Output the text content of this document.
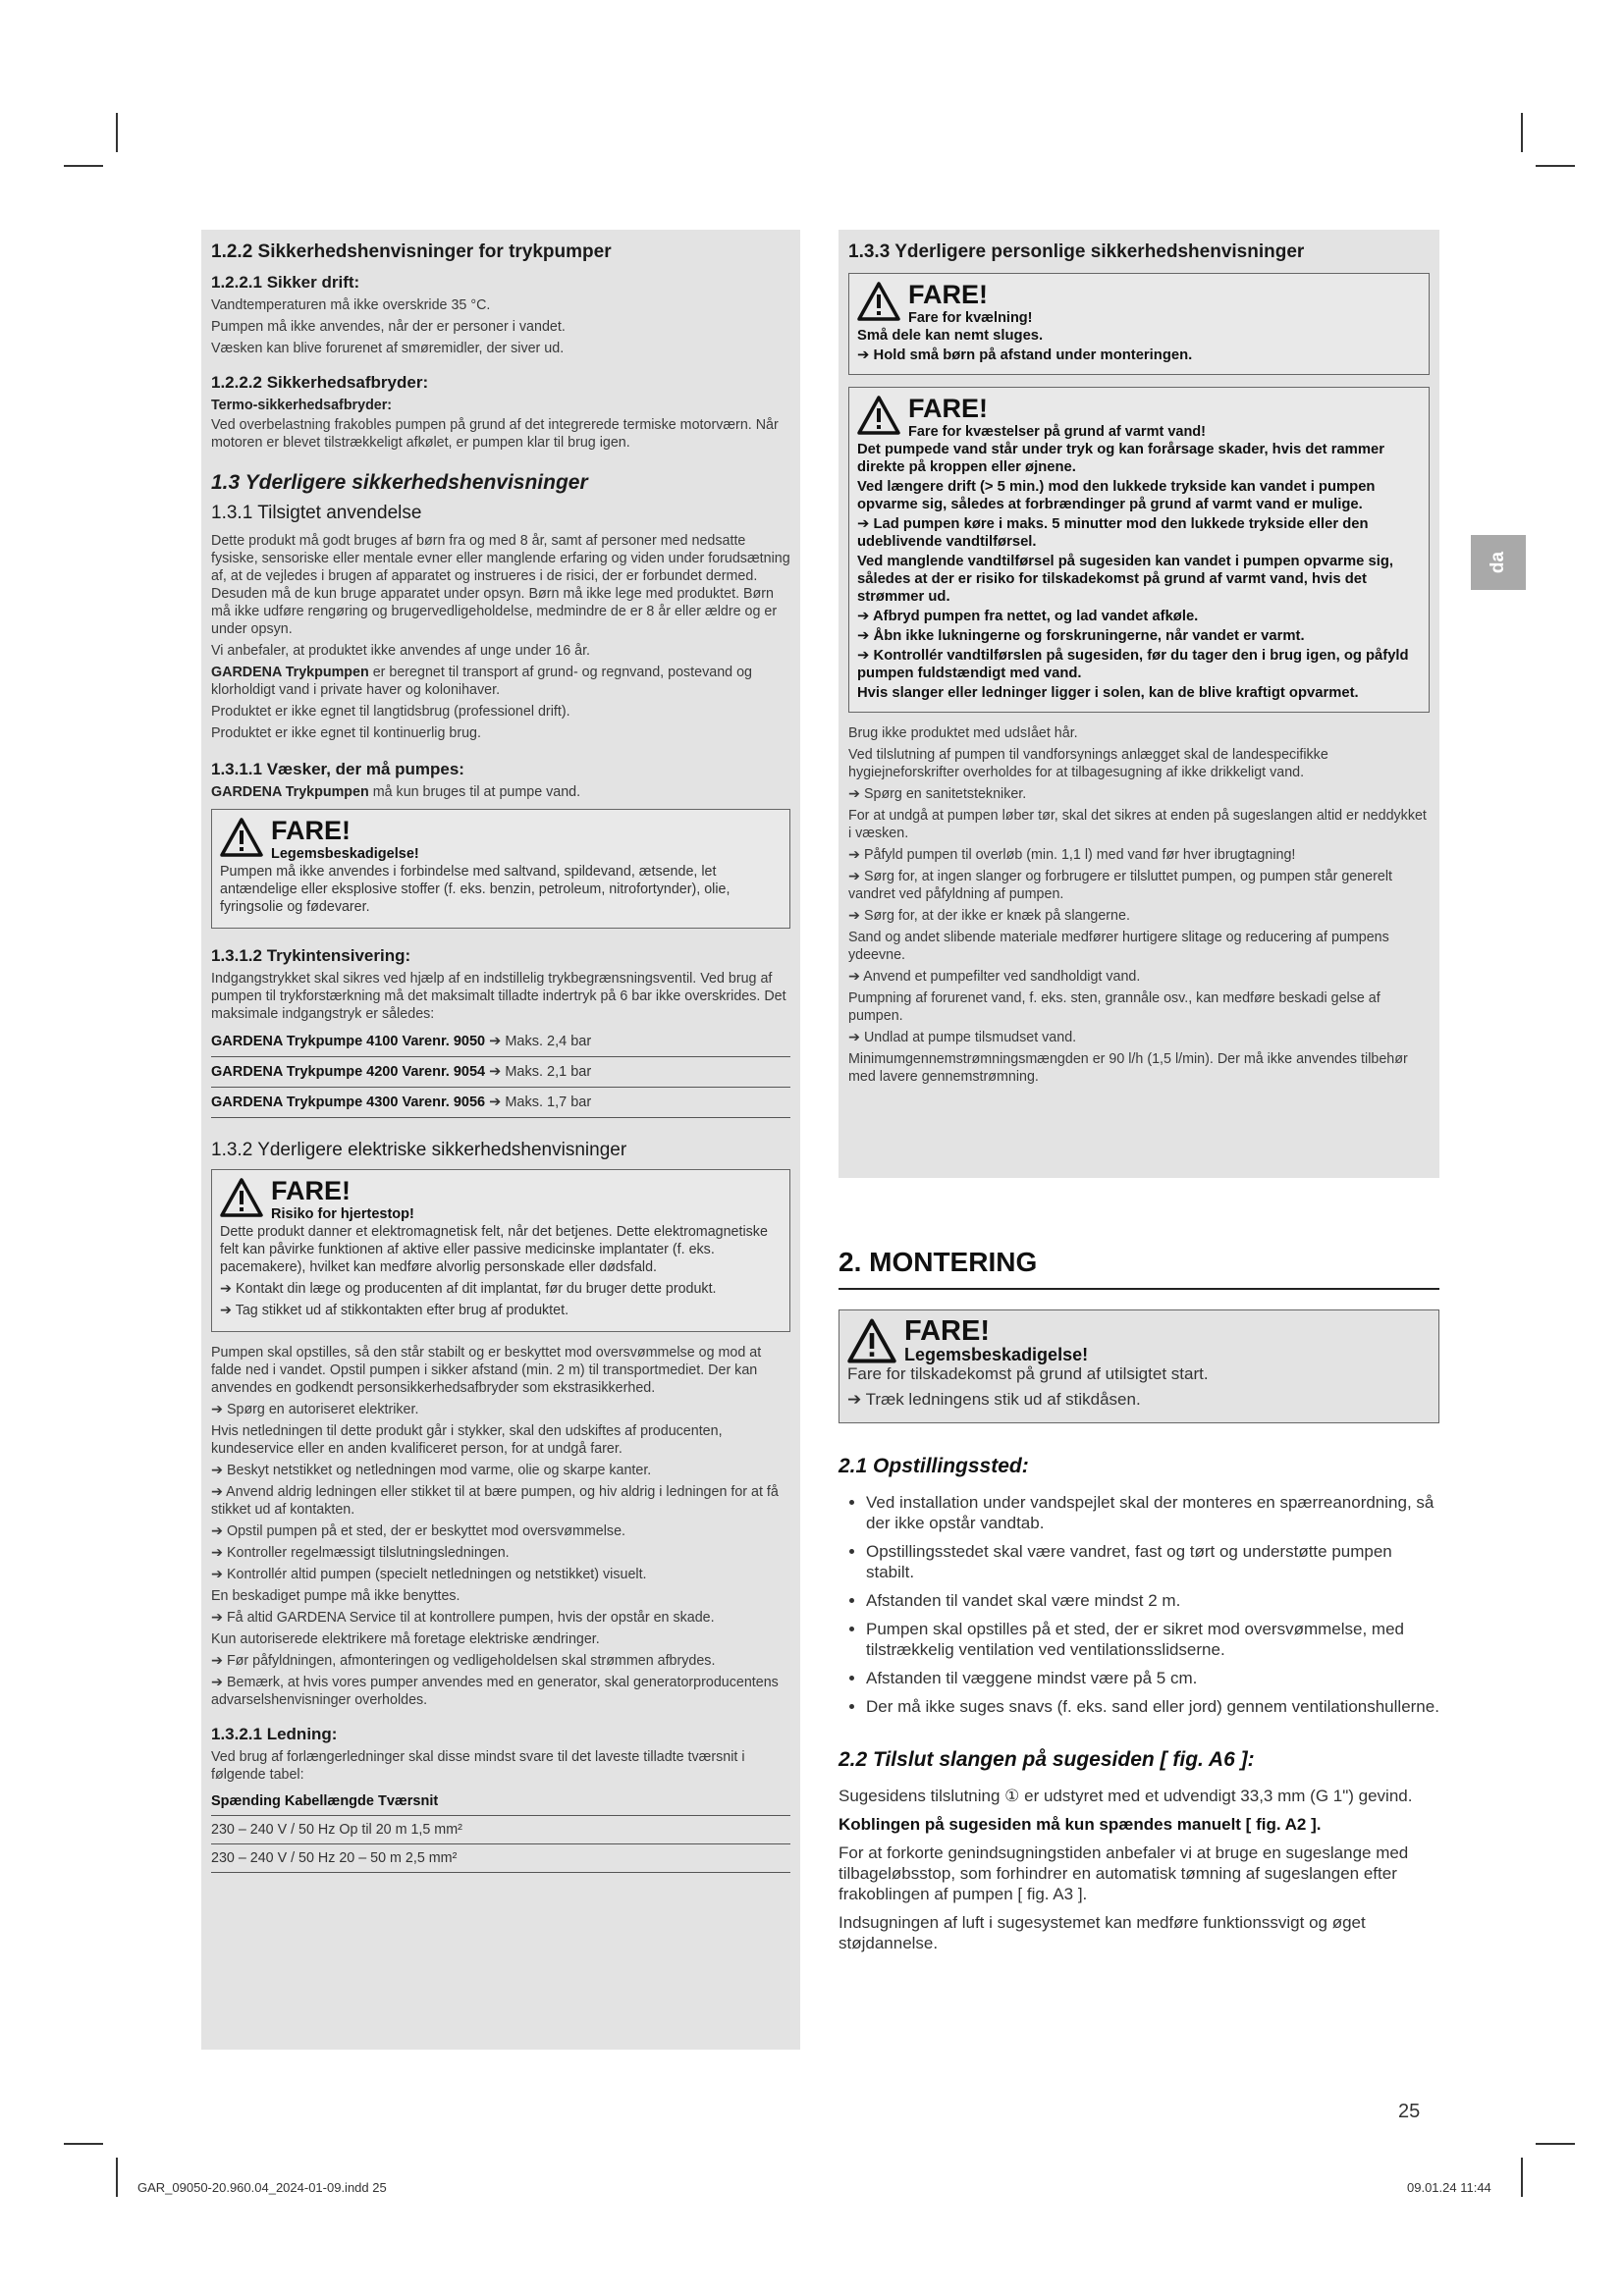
1.2.2 Sikkerhedshenvisninger for trykpumper
1.2.2.1 Sikker drift:

Vandtemperaturen må ikke overskride 35 °C.

Pumpen må ikke anvendes, når der er personer i vandet.

Væsken kan blive forurenet af smøremidler, der siver ud.

1.2.2.2 Sikkerhedsafbryder:

Termo-sikkerhedsafbryder:

Ved overbelastning frakobles pumpen på grund af det integrerede termiske motorværn. Når motoren er blevet tilstrækkeligt afkølet, er pumpen klar til brug igen.

1.3 Yderligere sikkerhedshenvisninger
1.3.1 Tilsigtet anvendelse

Dette produkt må godt bruges af børn fra og med 8 år, samt af personer med nedsatte fysiske, sensoriske eller mentale evner eller manglende erfaring og viden under forudsætning af, at de vejledes i brugen af apparatet og instrueres i de risici, der er forbundet dermed. Desuden må de kun bruge apparatet under opsyn. Børn må ikke lege med produktet. Børn må ikke udføre rengøring og brugervedligeholdelse, medmindre de er 8 år eller ældre og er under opsyn.

Vi anbefaler, at produktet ikke anvendes af unge under 16 år.

GARDENA Trykpumpen er beregnet til transport af grund- og regnvand, postevand og klorholdigt vand i private haver og kolonihaver.

Produktet er ikke egnet til langtidsbrug (professionel drift).

Produktet er ikke egnet til kontinuerlig brug.

1.3.1.1 Væsker, der må pumpes:

GARDENA Trykpumpen må kun bruges til at pumpe vand.

FARE!
Legemsbeskadigelse!

Pumpen må ikke anvendes i forbindelse med saltvand, spildevand, ætsende, let antændelige eller eksplosive stoffer (f. eks. benzin, petroleum, nitrofortynder), olie, fyringsolie og fødevarer.

1.3.1.2 Trykintensivering:

Indgangstrykket skal sikres ved hjælp af en indstillelig trykbegrænsningsventil. Ved brug af pumpen til trykforstærkning må det maksimalt tilladte indertryk på 6 bar ikke overskrides. Det maksimale indgangstryk er således:

GARDENA Trykpumpe 4100 Varenr. 9050 ➔ Maks. 2,4 bar
GARDENA Trykpumpe 4200 Varenr. 9054 ➔ Maks. 2,1 bar
GARDENA Trykpumpe 4300 Varenr. 9056 ➔ Maks. 1,7 bar
1.3.2 Yderligere elektriske sikkerhedshenvisninger
FARE!
Risiko for hjertestop!

Dette produkt danner et elektromagnetisk felt, når det betjenes. Dette elektromagnetiske felt kan påvirke funktionen af aktive eller passive medicinske implantater (f. eks. pacemakere), hvilket kan medføre alvorlig personskade eller dødsfald.

➔ Kontakt din læge og producenten af dit implantat, før du bruger dette produkt.

➔ Tag stikket ud af stikkontakten efter brug af produktet.

Pumpen skal opstilles, så den står stabilt og er beskyttet mod oversvømmelse og mod at falde ned i vandet. Opstil pumpen i sikker afstand (min. 2 m) til transportmediet. Der kan anvendes en godkendt personsikkerhedsafbryder som ekstrasikkerhed.

➔ Spørg en autoriseret elektriker.

Hvis netledningen til dette produkt går i stykker, skal den udskiftes af producenten, kundeservice eller en anden kvalificeret person, for at undgå farer.

➔ Beskyt netstikket og netledningen mod varme, olie og skarpe kanter.

➔ Anvend aldrig ledningen eller stikket til at bære pumpen, og hiv aldrig i ledningen for at få stikket ud af kontakten.

➔ Opstil pumpen på et sted, der er beskyttet mod oversvømmelse.

➔ Kontroller regelmæssigt tilslutningsledningen.

➔ Kontrollér altid pumpen (specielt netledningen og netstikket) visuelt.

En beskadiget pumpe må ikke benyttes.

➔ Få altid GARDENA Service til at kontrollere pumpen, hvis der opstår en skade.

Kun autoriserede elektrikere må foretage elektriske ændringer.

➔ Før påfyldningen, afmonteringen og vedligeholdelsen skal strømmen afbrydes.

➔ Bemærk, at hvis vores pumper anvendes med en generator, skal generatorproducentens advarselshenvisninger overholdes.

1.3.2.1 Ledning:

Ved brug af forlængerledninger skal disse mindst svare til det laveste tilladte tværsnit i følgende tabel:

Spænding Kabellængde Tværsnit
230 – 240 V / 50 Hz Op til 20 m 1,5 mm²
230 – 240 V / 50 Hz 20 – 50 m 2,5 mm²
1.3.3 Yderligere personlige sikkerhedshenvisninger
FARE!
Fare for kvælning!

Små dele kan nemt sluges.

➔ Hold små børn på afstand under monteringen.

FARE!
Fare for kvæstelser på grund af varmt vand!

Det pumpede vand står under tryk og kan forårsage skader, hvis det rammer direkte på kroppen eller øjnene.

Ved længere drift (> 5 min.) mod den lukkede trykside kan vandet i pumpen opvarme sig, således at forbrændinger på grund af varmt vand er mulige.

➔ Lad pumpen køre i maks. 5 minutter mod den lukkede trykside eller den udeblivende vandtilførsel.

Ved manglende vandtilførsel på sugesiden kan vandet i pumpen opvarme sig, således at der er risiko for tilskadekomst på grund af varmt vand, hvis det strømmer ud.

➔ Afbryd pumpen fra nettet, og lad vandet afkøle.

➔ Åbn ikke lukningerne og forskruningerne, når vandet er varmt.

➔ Kontrollér vandtilførslen på sugesiden, før du tager den i brug igen, og påfyld pumpen fuldstændigt med vand.

Hvis slanger eller ledninger ligger i solen, kan de blive kraftigt opvarmet.

Brug ikke produktet med udsIået hår.

Ved tilslutning af pumpen til vandforsynings anlægget skal de landespecifikke hygiejneforskrifter overholdes for at tilbagesugning af ikke drikkeligt vand.

➔ Spørg en sanitetstekniker.

For at undgå at pumpen løber tør, skal det sikres at enden på sugeslangen altid er neddykket i væsken.

➔ Påfyld pumpen til overløb (min. 1,1 l) med vand før hver ibrugtagning!

➔ Sørg for, at ingen slanger og forbrugere er tilsluttet pumpen, og pumpen står generelt vandret ved påfyldning af pumpen.

➔ Sørg for, at der ikke er knæk på slangerne.

Sand og andet slibende materiale medfører hurtigere slitage og reducering af pumpens ydeevne.

➔ Anvend et pumpefilter ved sandholdigt vand.

Pumpning af forurenet vand, f. eks. sten, grannåle osv., kan medføre beskadi gelse af pumpen.

➔ Undlad at pumpe tilsmudset vand.

Minimumgennemstrømningsmængden er 90 l/h (1,5 l/min). Der må ikke anvendes tilbehør med lavere gennemstrømning.

2. MONTERING
FARE!
Legemsbeskadigelse!

Fare for tilskadekomst på grund af utilsigtet start.

➔ Træk ledningens stik ud af stikdåsen.

2.1 Opstillingssted:
• Ved installation under vandspejlet skal der monteres en spærreanordning, så der ikke opstår vandtab.
• Opstillingsstedet skal være vandret, fast og tørt og understøtte pumpen stabilt.
• Afstanden til vandet skal være mindst 2 m.
• Pumpen skal opstilles på et sted, der er sikret mod oversvømmelse, med tilstrækkelig ventilation ved ventilationsslidserne.
• Afstanden til væggene mindst være på 5 cm.
• Der må ikke suges snavs (f. eks. sand eller jord) gennem ventilationshullerne.
2.2 Tilslut slangen på sugesiden [ fig. A6 ]:

Sugesidens tilslutning ① er udstyret med et udvendigt 33,3 mm (G 1") gevind.

Koblingen på sugesiden må kun spændes manuelt [ fig. A2 ].

For at forkorte genindsugningstiden anbefaler vi at bruge en sugeslange med tilbageløbsstop, som forhindrer en automatisk tømning af sugeslangen efter frakoblingen af pumpen [ fig. A3 ].

Indsugningen af luft i sugesystemet kan medføre funktionssvigt og øget støjdannelse.

da
25
GAR_09050-20.960.04_2024-01-09.indd 25	09.01.24 11:44
